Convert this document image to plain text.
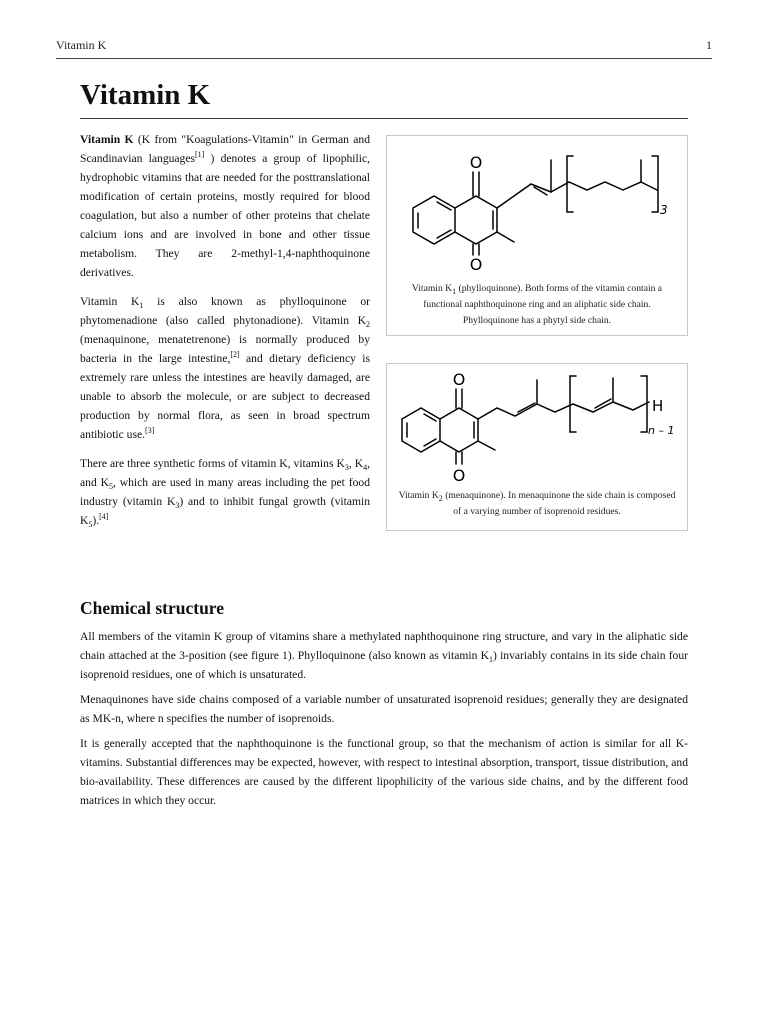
Vitamin K	1
Vitamin K

Vitamin K (K from "Koagulations-Vitamin" in German and Scandinavian languages[1] ) denotes a group of lipophilic, hydrophobic vitamins that are needed for the posttranslational modification of certain proteins, mostly required for blood coagulation, but also a number of other proteins that chelate calcium ions and are involved in bone and other tissue metabolism. They are 2-methyl-1,4-naphthoquinone derivatives.

Vitamin $K_1$ is also known as phylloquinone or phytomenadione (also called phytonadione). Vitamin $K_2$ (menaquinone, menatetrenone) is normally produced by bacteria in the large intestine,[2] and dietary deficiency is extremely rare unless the intestines are heavily damaged, are unable to absorb the molecule, or are subject to decreased production by normal flora, as seen in broad spectrum antibiotic use.[3]

There are three synthetic forms of vitamin K, vitamins $K_3$, $K_4$, and $K_5$, which are used in many areas including the pet food industry (vitamin $K_3$) and to inhibit fungal growth (vitamin $K_5).[4]$

O
O
3
Vitamin $K_1$ (phylloquinone). Both forms of the vitamin contain a functional naphthoquinone ring and an aliphatic side chain. Phylloquinone has a phytyl side chain.
O
O
H
n – 1
Vitamin $K_2$ (menaquinone). In menaquinone the side chain is composed of a varying number of isoprenoid residues.
Chemical structure

All members of the vitamin K group of vitamins share a methylated naphthoquinone ring structure, and vary in the aliphatic side chain attached at the 3-position (see figure 1). Phylloquinone (also known as vitamin $K_1$) invariably contains in its side chain four isoprenoid residues, one of which is unsaturated.

Menaquinones have side chains composed of a variable number of unsaturated isoprenoid residues; generally they are designated as MK-n, where n specifies the number of isoprenoids.

It is generally accepted that the naphthoquinone is the functional group, so that the mechanism of action is similar for all K-vitamins. Substantial differences may be expected, however, with respect to intestinal absorption, transport, tissue distribution, and bio-availability. These differences are caused by the different lipophilicity of the various side chains, and by the different food matrices in which they occur.
